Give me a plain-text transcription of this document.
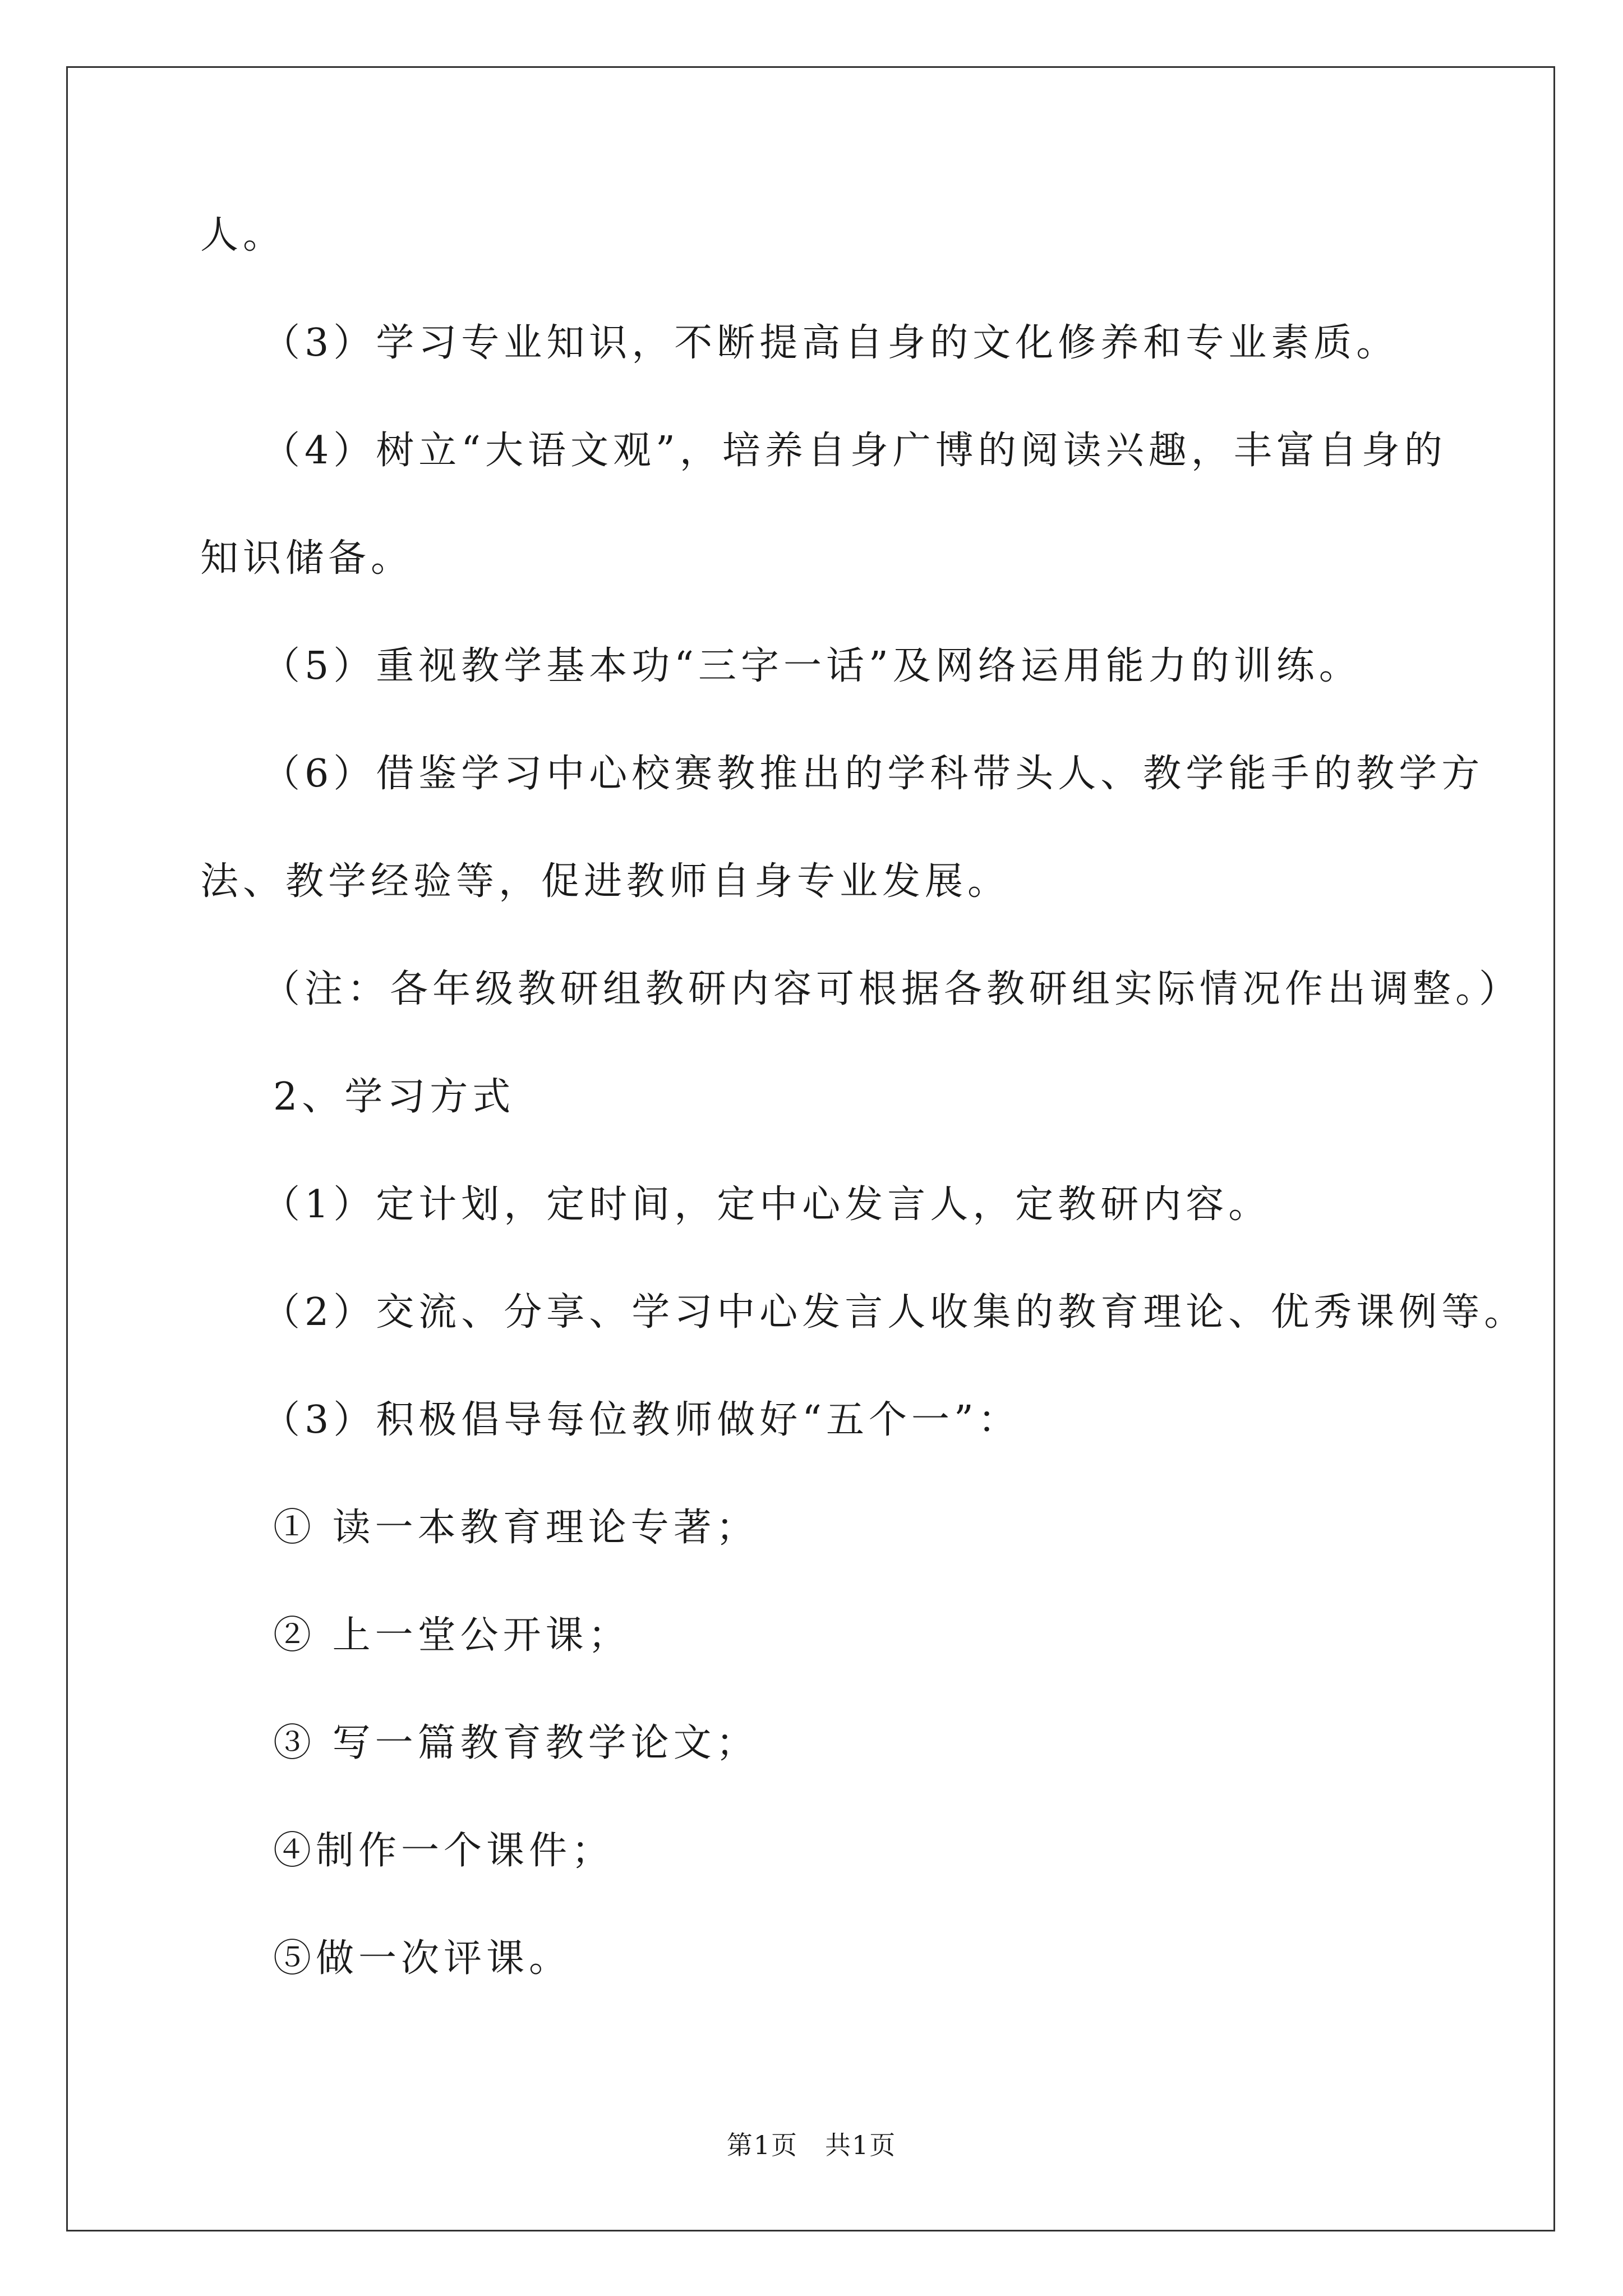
人。
（3）学习专业知识，不断提高自身的文化修养和专业素质。
（4）树立“大语文观”，培养自身广博的阅读兴趣，丰富自身的
知识储备。
（5）重视教学基本功“三字一话”及网络运用能力的训练。
（6）借鉴学习中心校赛教推出的学科带头人、教学能手的教学方
法、教学经验等，促进教师自身专业发展。
（注：各年级教研组教研内容可根据各教研组实际情况作出调整。）
2、学习方式
（1）定计划，定时间，定中心发言人，定教研内容。
（2）交流、分享、学习中心发言人收集的教育理论、优秀课例等。
（3）积极倡导每位教师做好“五个一”：
① 读一本教育理论专著；
② 上一堂公开课；
③ 写一篇教育教学论文；
④制作一个课件；
⑤做一次评课。
第1页　共1页
